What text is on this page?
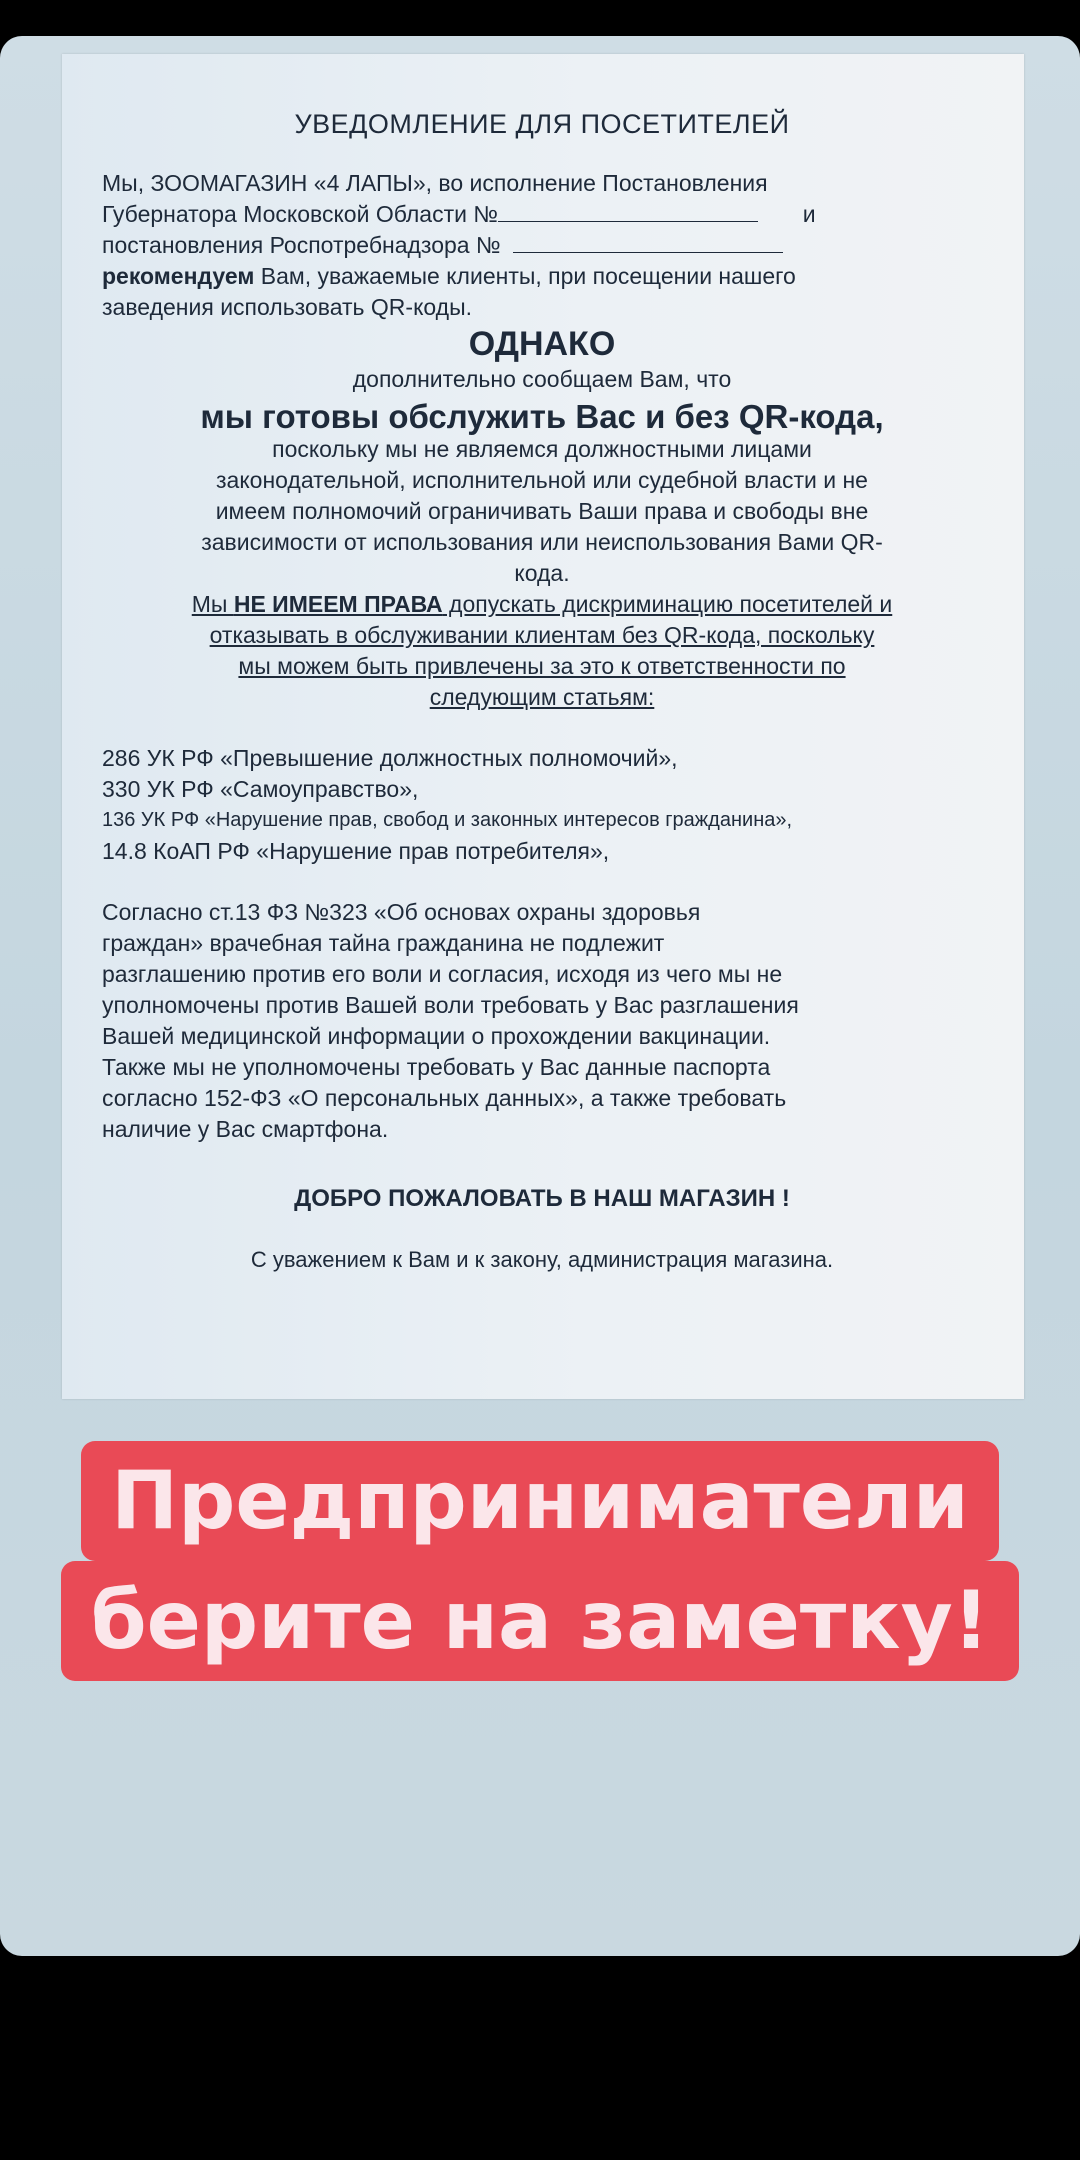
УВЕДОМЛЕНИЕ ДЛЯ ПОСЕТИТЕЛЕЙ
Мы, ЗООМАГАЗИН «4 ЛАПЫ», во исполнение Постановления
Губернатора Московской Области №	и
постановления Роспотребнадзора №
рекомендуем Вам, уважаемые клиенты, при посещении нашего
заведения использовать QR-коды.
ОДНАКО
дополнительно сообщаем Вам, что
мы готовы обслужить Вас и без QR-кода,
поскольку мы не являемся должностными лицами
законодательной, исполнительной или судебной власти и не
имеем полномочий ограничивать Ваши права и свободы вне
зависимости от использования или неиспользования Вами QR-
кода.
Мы НЕ ИМЕЕМ ПРАВА допускать дискриминацию посетителей и
отказывать в обслуживании клиентам без QR-кода, поскольку
мы можем быть привлечены за это к ответственности по
следующим статьям:
286 УК РФ «Превышение должностных полномочий»,
330 УК РФ «Самоуправство»,
136 УК РФ «Нарушение прав, свобод и законных интересов гражданина»,
14.8 КоАП РФ «Нарушение прав потребителя»,
Согласно ст.13 ФЗ №323 «Об основах охраны здоровья
граждан» врачебная тайна гражданина не подлежит
разглашению против его воли и согласия, исходя из чего мы не
уполномочены против Вашей воли требовать у Вас разглашения
Вашей медицинской информации о прохождении вакцинации.
Также мы не уполномочены требовать у Вас данные паспорта
согласно 152-ФЗ «О персональных данных», а также требовать
наличие у Вас смартфона.
ДОБРО ПОЖАЛОВАТЬ В НАШ МАГАЗИН !
С уважением к Вам и к закону, администрация магазина.
Предприниматели
берите на заметку!
